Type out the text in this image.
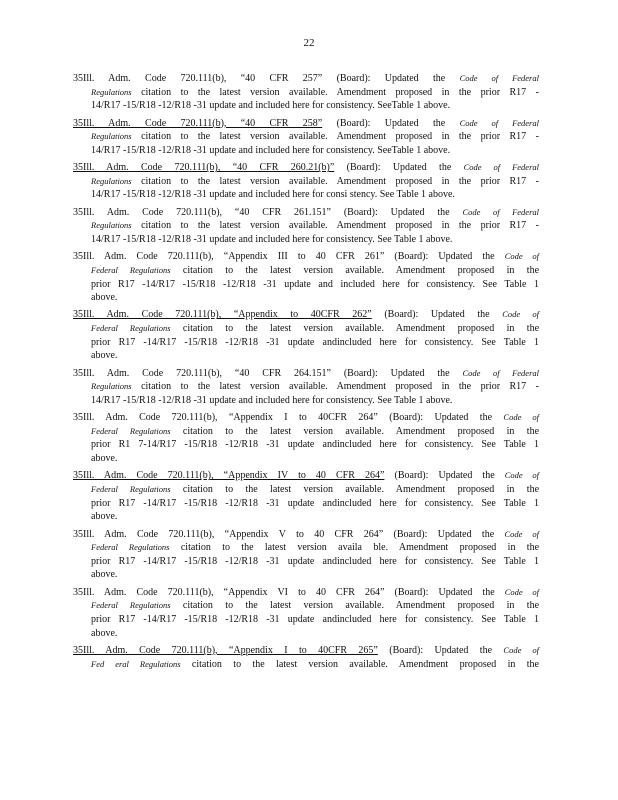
22
35Ill. Adm. Code 720.111(b), “40 CFR 257” (Board): Updated the Code of Federal
Regulations citation to the latest version available. Amendment proposed in the prior R17 -
14/R17 -15/R18 -12/R18 -31 update and included here for consistency. SeeTable 1 above.
35Ill. Adm. Code 720.111(b), “40 CFR 258” (Board): Updated the Code of Federal
Regulations citation to the latest version available. Amendment proposed in the prior R17 -
14/R17 -15/R18 -12/R18 -31 update and included here for consistency. SeeTable 1 above.
35Ill. Adm. Code 720.111(b), “40 CFR 260.21(b)” (Board): Updated the Code of Federal
Regulations citation to the latest version available. Amendment proposed in the prior R17 -
14/R17 -15/R18 -12/R18 -31 update and included here for consi stency. See Table 1 above.
35Ill. Adm. Code 720.111(b), “40 CFR 261.151” (Board): Updated the Code of Federal
Regulations citation to the latest version available. Amendment proposed in the prior R17 -
14/R17 -15/R18 -12/R18 -31 update and included here for consistency. See Table 1 above.
35Ill. Adm. Code 720.111(b), “Appendix III to 40 CFR 261” (Board): Updated the Code of
Federal Regulations citation to the latest version available. Amendment proposed in the
prior R17 -14/R17 -15/R18 -12/R18 -31 update and included here for consistency. See Table 1
above.
35Ill. Adm. Code 720.111(b), “Appendix to 40CFR 262” (Board): Updated the Code of
Federal Regulations citation to the latest version available. Amendment proposed in the
prior R17 -14/R17 -15/R18 -12/R18 -31 update andincluded here for consistency. See Table 1
above.
35Ill. Adm. Code 720.111(b), “40 CFR 264.151” (Board): Updated the Code of Federal
Regulations citation to the latest version available. Amendment proposed in the prior R17 -
14/R17 -15/R18 -12/R18 -31 update and included here for consistency. See Table 1 above.
35Ill. Adm. Code 720.111(b), “Appendix I to 40CFR 264” (Board): Updated the Code of
Federal Regulations citation to the latest version available. Amendment proposed in the
prior R1 7-14/R17 -15/R18 -12/R18 -31 update andincluded here for consistency. See Table 1
above.
35Ill. Adm. Code 720.111(b), “Appendix IV to 40 CFR 264” (Board): Updated the Code of
Federal Regulations citation to the latest version available. Amendment proposed in the
prior R17 -14/R17 -15/R18 -12/R18 -31 update andincluded here for consistency. See Table 1
above.
35Ill. Adm. Code 720.111(b), “Appendix V to 40 CFR 264” (Board): Updated the Code of
Federal Regulations citation to the latest version availa ble. Amendment proposed in the
prior R17 -14/R17 -15/R18 -12/R18 -31 update andincluded here for consistency. See Table 1
above.
35Ill. Adm. Code 720.111(b), “Appendix VI to 40 CFR 264” (Board): Updated the Code of
Federal Regulations citation to the latest version available. Amendment proposed in the
prior R17 -14/R17 -15/R18 -12/R18 -31 update andincluded here for consistency. See Table 1
above.
35Ill. Adm. Code 720.111(b), “Appendix I to 40CFR 265” (Board): Updated the Code of
Fed eral Regulations citation to the latest version available. Amendment proposed in the
